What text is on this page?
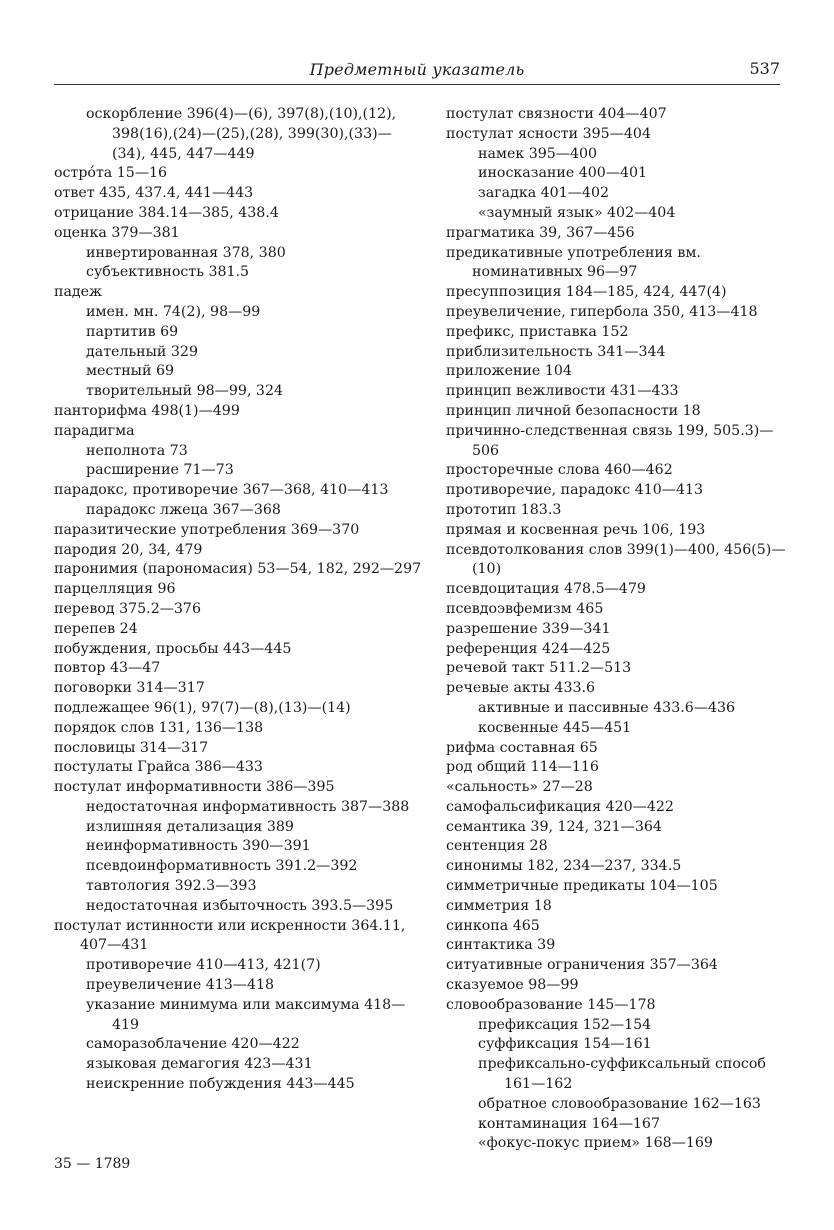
Предметный указатель	537
оскорбление 396(4)—(6), 397(8),(10),(12), 398(16),(24)—(25),(28), 399(30),(33)—(34), 445, 447—449
острóта 15—16
ответ 435, 437.4, 441—443
отрицание 384.14—385, 438.4
оценка 379—381
инвертированная 378, 380
субъективность 381.5
падеж
имен. мн. 74(2), 98—99
партитив 69
дательный 329
местный 69
творительный 98—99, 324
панторифма 498(1)—499
парадигма
неполнота 73
расширение 71—73
парадокс, противоречие 367—368, 410—413
парадокс лжеца 367—368
паразитические употребления 369—370
пародия 20, 34, 479
паронимия (парономасия) 53—54, 182, 292—297
парцелляция 96
перевод 375.2—376
перепев 24
побуждения, просьбы 443—445
повтор 43—47
поговорки 314—317
подлежащее 96(1), 97(7)—(8),(13)—(14)
порядок слов 131, 136—138
пословицы 314—317
постулаты Грайса 386—433
постулат информативности 386—395
недостаточная информативность 387—388
излишняя детализация 389
неинформативность 390—391
псевдоинформативность 391.2—392
тавтология 392.3—393
недостаточная избыточность 393.5—395
постулат истинности или искренности 364.11, 407—431
противоречие 410—413, 421(7)
преувеличение 413—418
указание минимума или максимума 418—419
саморазоблачение 420—422
языковая демагогия 423—431
неискренние побуждения 443—445
постулат связности 404—407
постулат ясности 395—404
намек 395—400
иносказание 400—401
загадка 401—402
«заумный язык» 402—404
прагматика 39, 367—456
предикативные употребления вм. номинативных 96—97
пресуппозиция 184—185, 424, 447(4)
преувеличение, гипербола 350, 413—418
префикс, приставка 152
приблизительность 341—344
приложение 104
принцип вежливости 431—433
принцип личной безопасности 18
причинно-следственная связь 199, 505.3)—506
просторечные слова 460—462
противоречие, парадокс 410—413
прототип 183.3
прямая и косвенная речь 106, 193
псевдотолкования слов 399(1)—400, 456(5)—(10)
псевдоцитация 478.5—479
псевдоэвфемизм 465
разрешение 339—341
референция 424—425
речевой такт 511.2—513
речевые акты 433.6
активные и пассивные 433.6—436
косвенные 445—451
рифма составная 65
род общий 114—116
«сальность» 27—28
самофальсификация 420—422
семантика 39, 124, 321—364
сентенция 28
синонимы 182, 234—237, 334.5
симметричные предикаты 104—105
симметрия 18
синкопа 465
синтактика 39
ситуативные ограничения 357—364
сказуемое 98—99
словообразование 145—178
префиксация 152—154
суффиксация 154—161
префиксально-суффиксальный способ 161—162
обратное словообразование 162—163
контаминация 164—167
«фокус-покус прием» 168—169
35 — 1789
